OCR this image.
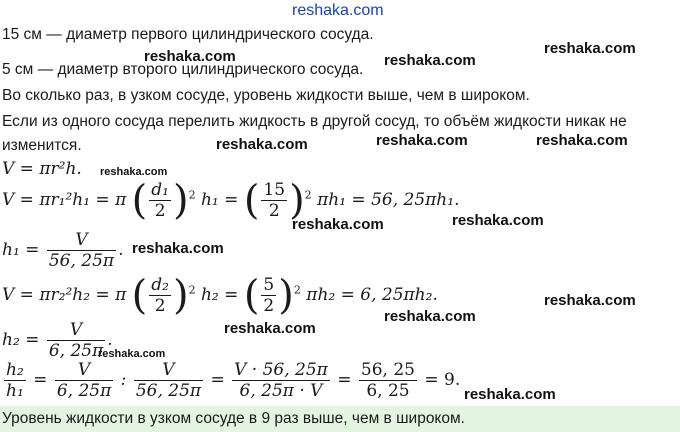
reshaka.com
15 см — диаметр первого цилиндрического сосуда.
5 см — диаметр второго цилиндрического сосуда.
Во сколько раз, в узком сосуде, уровень жидкости выше, чем в широком.
Если из одного сосуда перелить жидкость в другой сосуд, то объём жидкости никак не
изменится.
V = πr²h.
V = πr₁²h₁ = π ( $\frac{\text{d₁}}{2} )^2$ h₁ = ( $\frac{15}{2} )^2$ πh₁ = 56, 25πh₁.
$h_1 = \frac{V}{56, 25\pi}$ .
V = πr₂²h₂ = π ( $\frac{\text{d₂}}{2} )^2$ h₂ = ( $\frac{5}{2} )^2$ πh₂ = 6, 25πh₂.
$h_2 = \frac{V}{6, 25\pi}$ .
$\frac{\text{h₂}}{\text{h₁}} = \frac{V}{6, 25\pi}$ : $\frac{V}{56, 25\pi} = \frac{V \cdot 56, 25\pi}{6, 25\pi \cdot V} = \frac{56, 25}{6, 25} = 9$.
Уровень жидкости в узком сосуде в 9 раз выше, чем в широком.
reshaka.com	reshaka.com
reshaka.com
reshaka.com	reshaka.com	reshaka.com
reshaka.com
reshaka.com	reshaka.com
reshaka.com
reshaka.com
reshaka.com
reshaka.com
reshaka.com
reshaka.com
